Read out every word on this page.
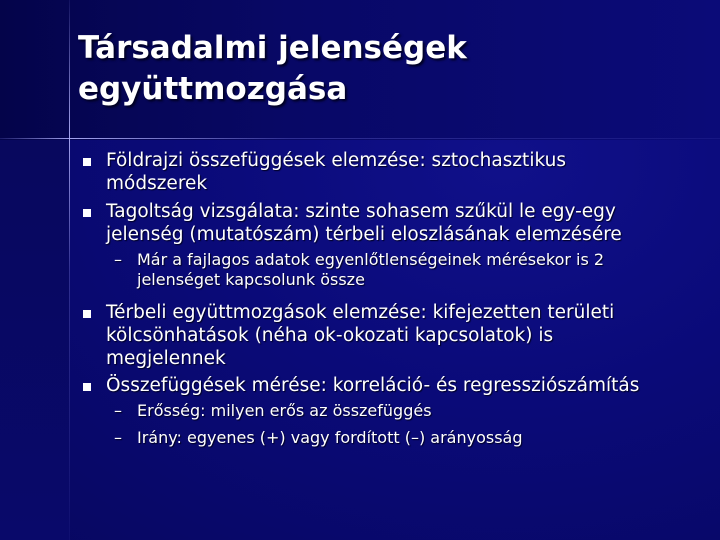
Társadalmi jelenségek
együttmozgása
Földrajzi összefüggések elemzése: sztochasztikus
módszerek
Tagoltság vizsgálata: szinte sohasem szűkül le egy-egy
jelenség (mutatószám) térbeli eloszlásának elemzésére
– Már a fajlagos adatok egyenlőtlenségeinek mérésekor is 2
jelenséget kapcsolunk össze
Térbeli együttmozgások elemzése: kifejezetten területi
kölcsönhatások (néha ok-okozati kapcsolatok) is
megjelennek
Összefüggések mérése: korreláció- és regressziószámítás
– Erősség: milyen erős az összefüggés
– Irány: egyenes (+) vagy fordított (–) arányosság
